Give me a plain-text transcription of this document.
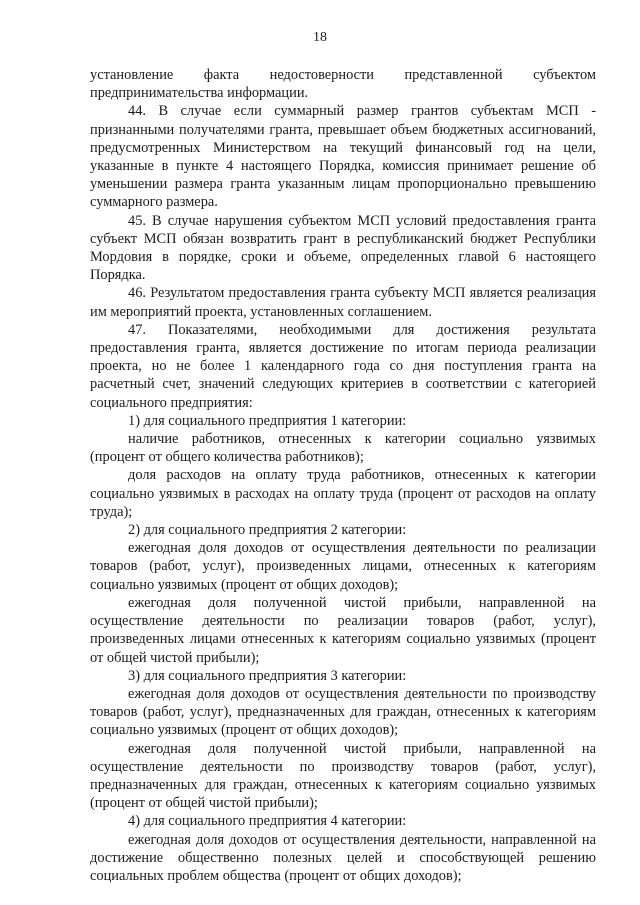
18

установление факта недостоверности представленной субъектом предпринимательства информации.

44. В случае если суммарный размер грантов субъектам МСП - признанными получателями гранта, превышает объем бюджетных ассигнований, предусмотренных Министерством на текущий финансовый год на цели, указанные в пункте 4 настоящего Порядка, комиссия принимает решение об уменьшении размера гранта указанным лицам пропорционально превышению суммарного размера.

45. В случае нарушения субъектом МСП условий предоставления гранта субъект МСП обязан возвратить грант в республиканский бюджет Республики Мордовия в порядке, сроки и объеме, определенных главой 6 настоящего Порядка.

46. Результатом предоставления гранта субъекту МСП является реализация им мероприятий проекта, установленных соглашением.

47. Показателями, необходимыми для достижения результата предоставления гранта, является достижение по итогам периода реализации проекта, но не более 1 календарного года со дня поступления гранта на расчетный счет, значений следующих критериев в соответствии с категорией социального предприятия:

1) для социального предприятия 1 категории:

наличие работников, отнесенных к категории социально уязвимых (процент от общего количества работников);

доля расходов на оплату труда работников, отнесенных к категории социально уязвимых в расходах на оплату труда (процент от расходов на оплату труда);

2) для социального предприятия 2 категории:

ежегодная доля доходов от осуществления деятельности по реализации товаров (работ, услуг), произведенных лицами, отнесенных к категориям социально уязвимых (процент от общих доходов);

ежегодная доля полученной чистой прибыли, направленной на осуществление деятельности по реализации товаров (работ, услуг), произведенных лицами отнесенных к категориям социально уязвимых (процент от общей чистой прибыли);

3) для социального предприятия 3 категории:

ежегодная доля доходов от осуществления деятельности по производству товаров (работ, услуг), предназначенных для граждан, отнесенных к категориям социально уязвимых (процент от общих доходов);

ежегодная доля полученной чистой прибыли, направленной на осуществление деятельности по производству товаров (работ, услуг), предназначенных для граждан, отнесенных к категориям социально уязвимых (процент от общей чистой прибыли);

4) для социального предприятия 4 категории:

ежегодная доля доходов от осуществления деятельности, направленной на достижение общественно полезных целей и способствующей решению социальных проблем общества (процент от общих доходов);
